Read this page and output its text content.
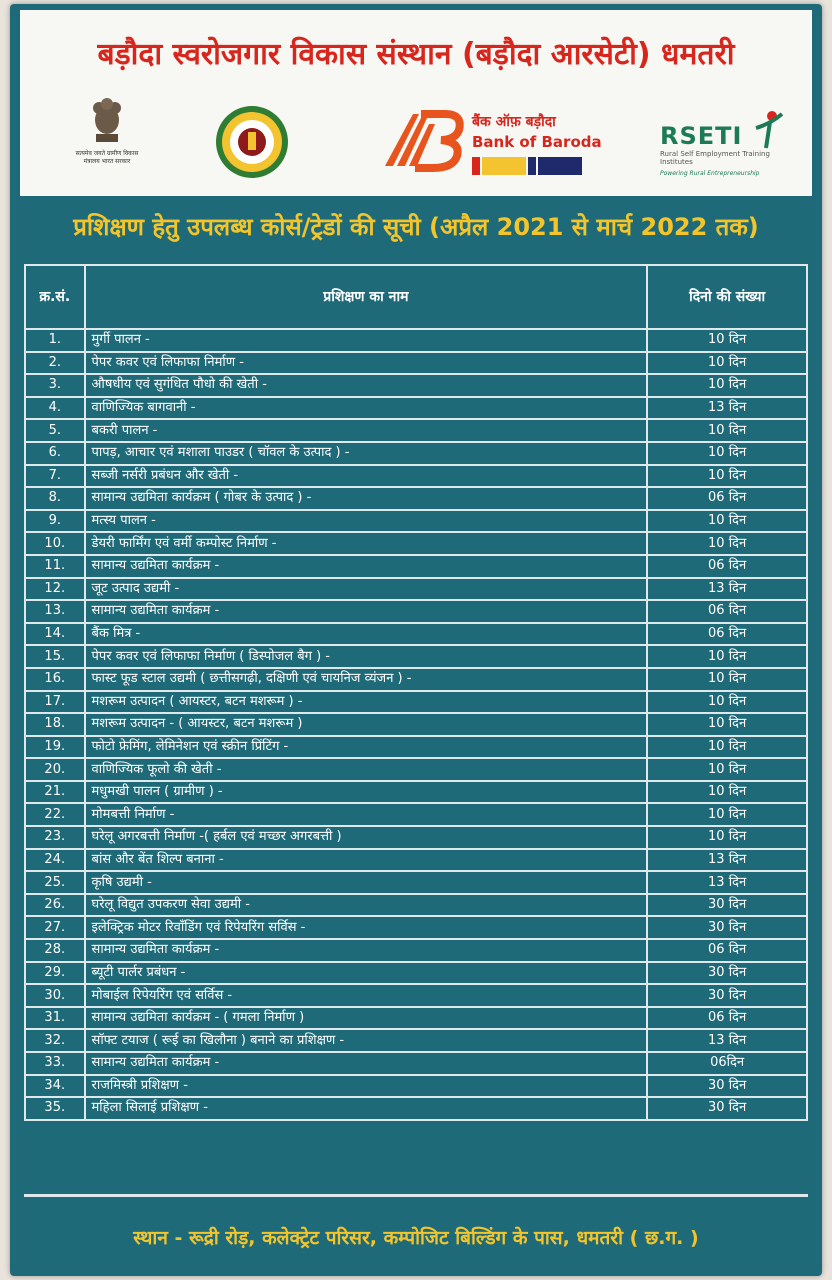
बड़ौदा स्वरोजगार विकास संस्थान (बड़ौदा आरसेटी) धमतरी
सत्यमेव जयते ग्रामीण विकास मंत्रालय भारत सरकार
बैंक ऑफ़ बड़ौदा
Bank of Baroda	RSETI
Rural Self Employment Training Institutes
Powering Rural Entrepreneurship
प्रशिक्षण हेतु उपलब्ध कोर्स/ट्रेडों की सूची (अप्रैल 2021 से मार्च 2022 तक)
क्र.सं.	प्रशिक्षण का नाम	दिनो की संख्या
1.	मुर्गी पालन -	10 दिन
2.	पेपर कवर एवं लिफाफा निर्माण -	10 दिन
3.	औषधीय एवं सुगंधित पौधो की खेती -	10 दिन
4.	वाणिज्यिक बागवानी -	13 दिन
5.	बकरी पालन -	10 दिन
6.	पापड़, आचार एवं मशाला पाउडर ( चॉवल के उत्पाद ) -	10 दिन
7.	सब्जी नर्सरी प्रबंधन और खेती -	10 दिन
8.	सामान्य उद्यमिता कार्यक्रम ( गोबर के उत्पाद ) -	06 दिन
9.	मत्स्य पालन -	10 दिन
10.	डेयरी फार्मिंग एवं वर्मी कम्पोस्ट निर्माण -	10 दिन
11.	सामान्य उद्यमिता कार्यक्रम -	06 दिन
12.	जूट उत्पाद उद्यमी -	13 दिन
13.	सामान्य उद्यमिता कार्यक्रम -	06 दिन
14.	बैंक मित्र -	06 दिन
15.	पेपर कवर एवं लिफाफा निर्माण ( डिस्पोजल बैग ) -	10 दिन
16.	फास्ट फूड स्टाल उद्यमी ( छत्तीसगढ़ी, दक्षिणी एवं चायनिज व्यंजन ) -	10 दिन
17.	मशरूम उत्पादन ( आयस्टर, बटन मशरूम ) -	10 दिन
18.	मशरूम उत्पादन - ( आयस्टर, बटन मशरूम )	10 दिन
19.	फोटो फ्रेमिंग, लेमिनेशन एवं स्क्रीन प्रिंटिंग -	10 दिन
20.	वाणिज्यिक फूलो की खेती -	10 दिन
21.	मधुमखी पालन ( ग्रामीण ) -	10 दिन
22.	मोमबत्ती निर्माण -	10 दिन
23.	घरेलू अगरबत्ती निर्माण -( हर्बल एवं मच्छर अगरबत्ती )	10 दिन
24.	बांस और बेंत शिल्प बनाना -	13 दिन
25.	कृषि उद्यमी -	13 दिन
26.	घरेलू विद्युत उपकरण सेवा उद्यमी -	30 दिन
27.	इलेक्ट्रिक मोटर रिवाँडिंग एवं रिपेयरिंग सर्विस -	30 दिन
28.	सामान्य उद्यमिता कार्यक्रम -	06 दिन
29.	ब्यूटी पार्लर प्रबंधन -	30 दिन
30.	मोबाईल रिपेयरिंग एवं सर्विस -	30 दिन
31.	सामान्य उद्यमिता कार्यक्रम - ( गमला निर्माण )	06 दिन
32.	सॉफ्ट टयाज ( रूई का खिलौना ) बनाने का प्रशिक्षण -	13 दिन
33.	सामान्य उद्यमिता कार्यक्रम -	06दिन
34.	राजमिस्त्री प्रशिक्षण -	30 दिन
35.	महिला सिलाई प्रशिक्षण -	30 दिन
स्थान - रूद्री रोड़, कलेक्ट्रेट परिसर, कम्पोजिट बिल्डिंग के पास, धमतरी ( छ.ग. )
